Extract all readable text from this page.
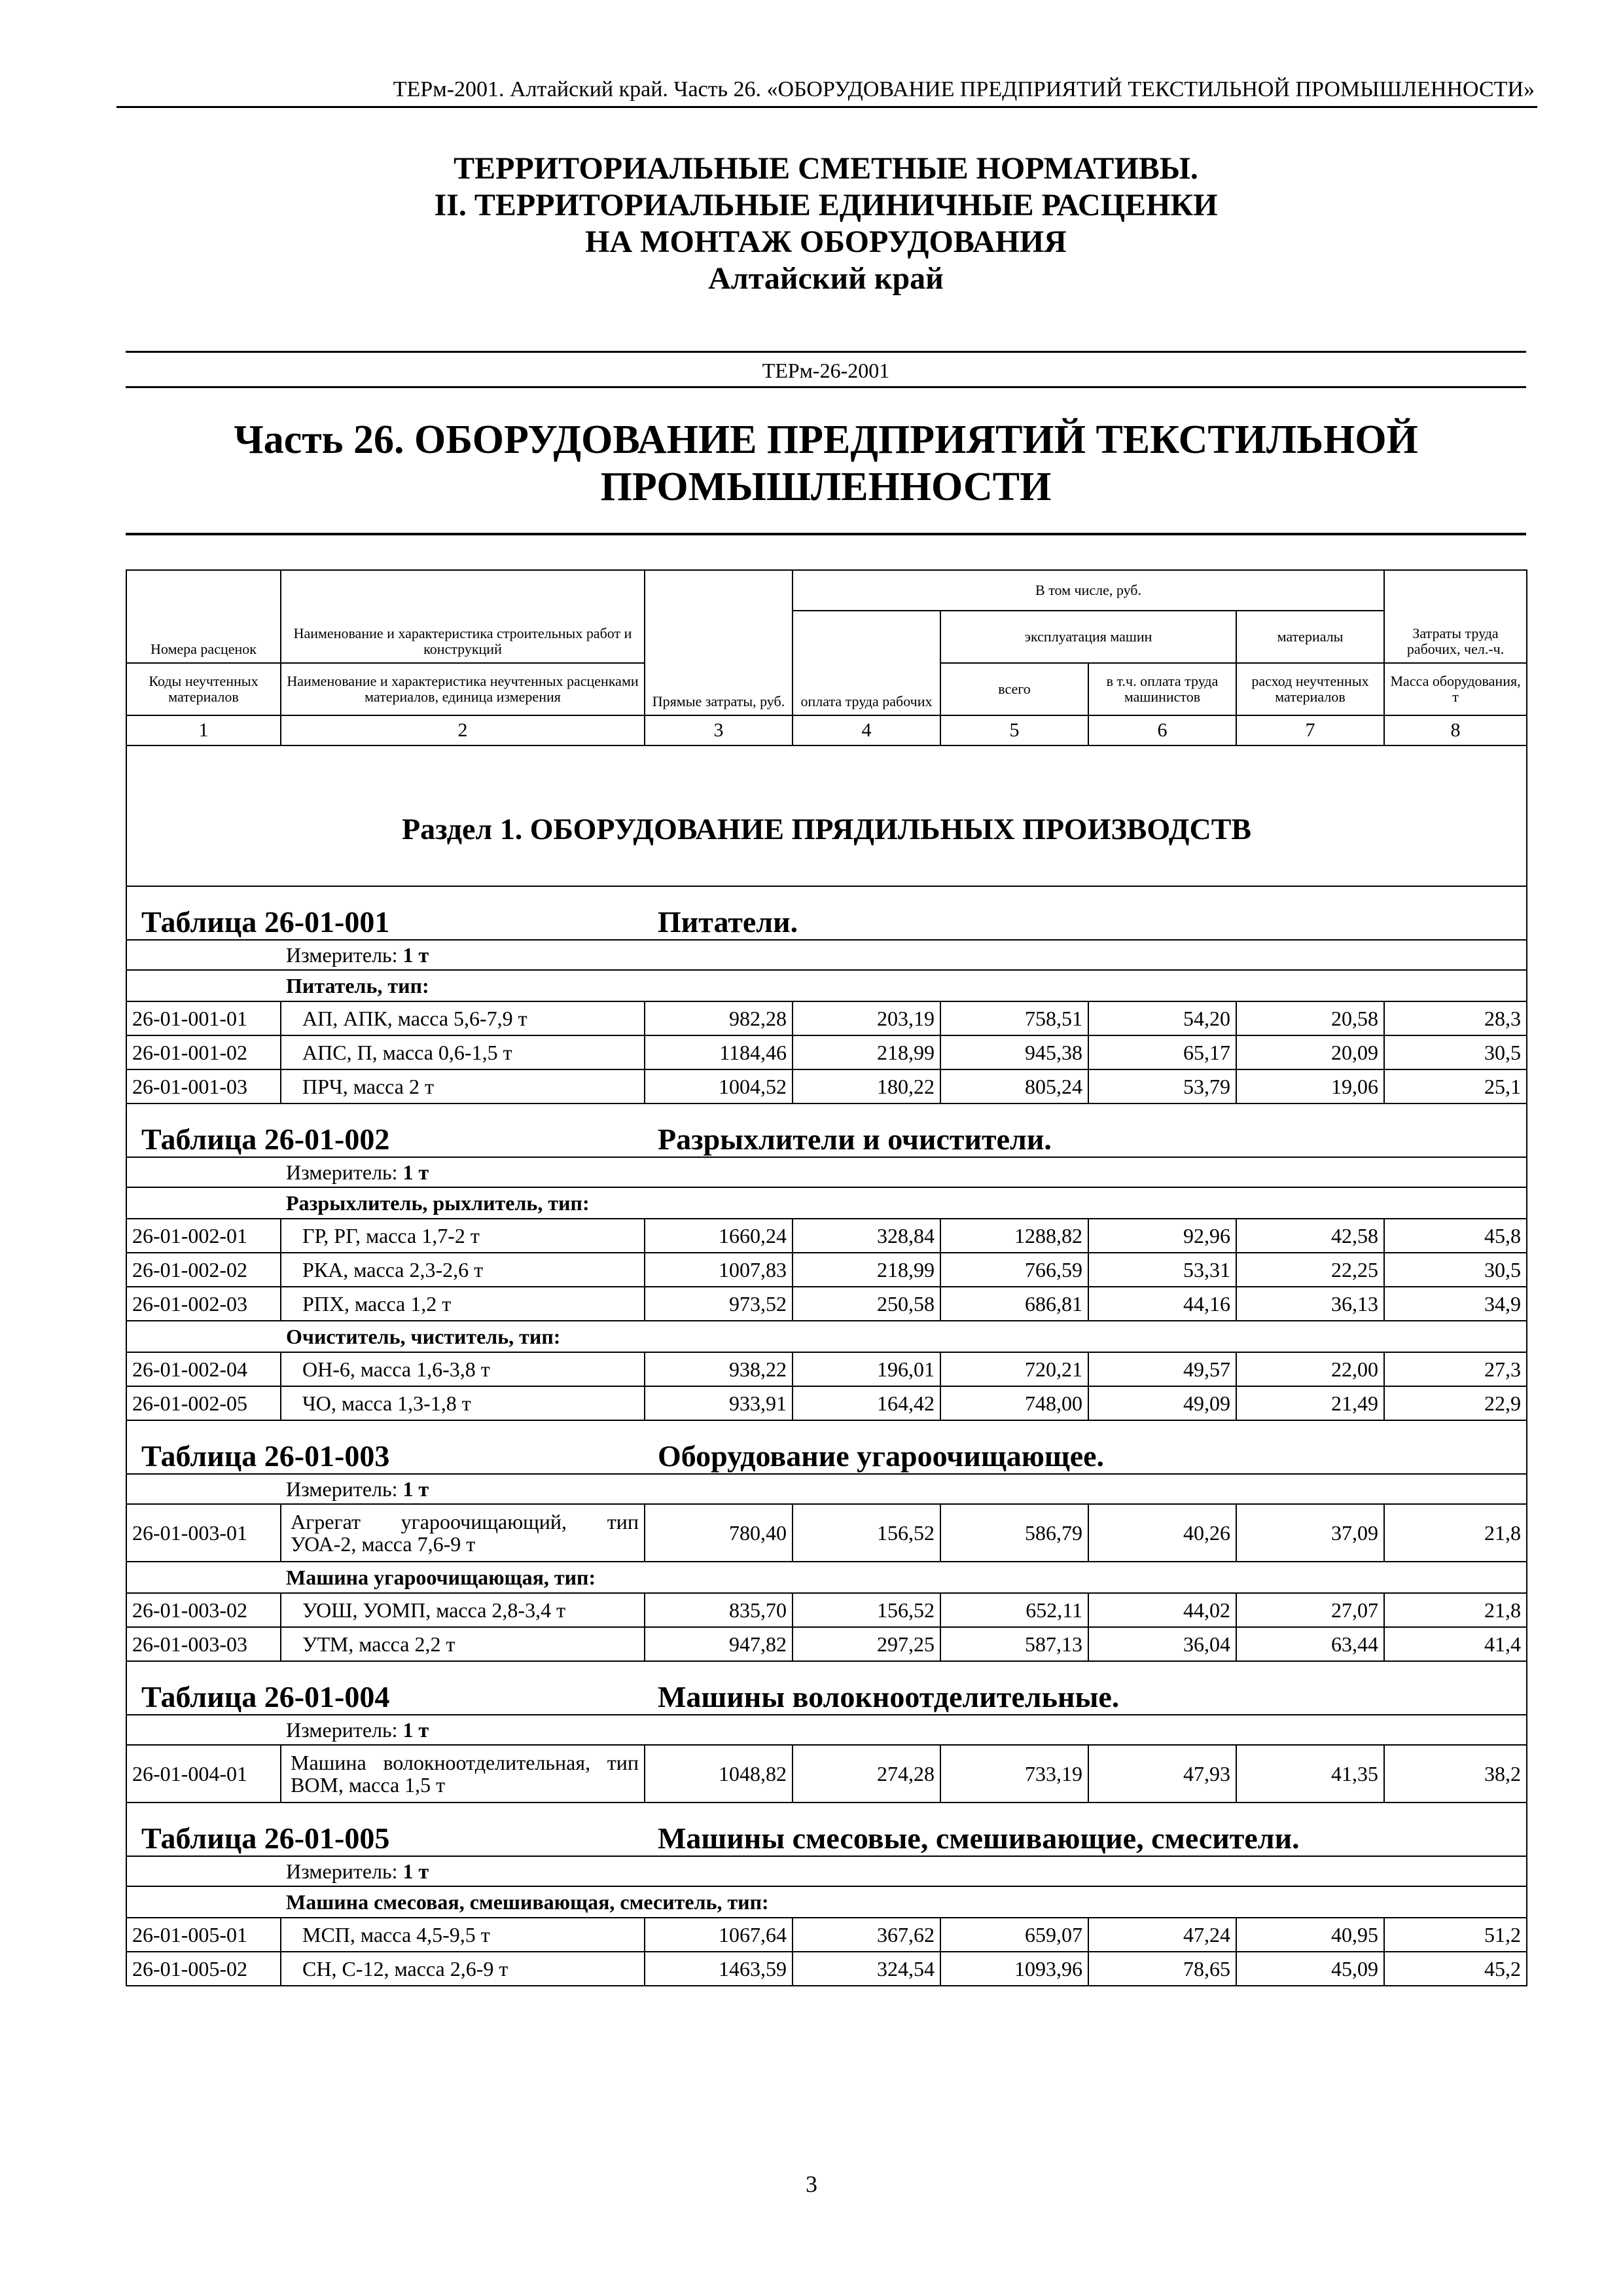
ТЕРм-2001. Алтайский край. Часть 26. «ОБОРУДОВАНИЕ ПРЕДПРИЯТИЙ ТЕКСТИЛЬНОЙ ПРОМЫШЛЕННОСТИ»
ТЕРРИТОРИАЛЬНЫЕ СМЕТНЫЕ НОРМАТИВЫ.
II. ТЕРРИТОРИАЛЬНЫЕ ЕДИНИЧНЫЕ РАСЦЕНКИ
НА МОНТАЖ ОБОРУДОВАНИЯ
Алтайский край
ТЕРм-26-2001
Часть 26. ОБОРУДОВАНИЕ ПРЕДПРИЯТИЙ ТЕКСТИЛЬНОЙ
ПРОМЫШЛЕННОСТИ
Номера расценок	Наименование и характеристика строительных работ и конструкций	Прямые затраты, руб.	В том числе, руб.				Затраты труда рабочих, чел.-ч.
			оплата труда рабочих	эксплуатация машин		материалы	
Коды неучтенных материалов	Наименование и характеристика неучтенных расценками материалов, единица измерения			всего	в т.ч. оплата труда машинистов	расход неучтенных материалов	Масса оборудования, т
1	2	3	4	5	6	7	8
Раздел 1. ОБОРУДОВАНИЕ ПРЯДИЛЬНЫХ ПРОИЗВОДСТВ							
Таблица 26-01-001		Питатели.					
	Измеритель: 1 т						
	Питатель, тип:						
26-01-001-01	АП, АПК, масса 5,6-7,9 т	982,28	203,19	758,51	54,20	20,58	28,3
26-01-001-02	АПС, П, масса 0,6-1,5 т	1184,46	218,99	945,38	65,17	20,09	30,5
26-01-001-03	ПРЧ, масса 2 т	1004,52	180,22	805,24	53,79	19,06	25,1
Таблица 26-01-002		Разрыхлители и очистители.					
	Измеритель: 1 т						
	Разрыхлитель, рыхлитель, тип:						
26-01-002-01	ГР, РГ, масса 1,7-2 т	1660,24	328,84	1288,82	92,96	42,58	45,8
26-01-002-02	РКА, масса 2,3-2,6 т	1007,83	218,99	766,59	53,31	22,25	30,5
26-01-002-03	РПХ, масса 1,2 т	973,52	250,58	686,81	44,16	36,13	34,9
	Очиститель, чиститель, тип:						
26-01-002-04	ОН-6, масса 1,6-3,8 т	938,22	196,01	720,21	49,57	22,00	27,3
26-01-002-05	ЧО, масса 1,3-1,8 т	933,91	164,42	748,00	49,09	21,49	22,9
Таблица 26-01-003		Оборудование угароочищающее.					
	Измеритель: 1 т						
26-01-003-01	Агрегат угароочищающий, тип УОА-2, масса 7,6-9 т	780,40	156,52	586,79	40,26	37,09	21,8
	Машина угароочищающая, тип:						
26-01-003-02	УОШ, УОМП, масса 2,8-3,4 т	835,70	156,52	652,11	44,02	27,07	21,8
26-01-003-03	УТМ, масса 2,2 т	947,82	297,25	587,13	36,04	63,44	41,4
Таблица 26-01-004		Машины волокноотделительные.					
	Измеритель: 1 т						
26-01-004-01	Машина волокноотделительная, тип ВОМ, масса 1,5 т	1048,82	274,28	733,19	47,93	41,35	38,2
Таблица 26-01-005		Машины смесовые, смешивающие, смесители.					
	Измеритель: 1 т						
	Машина смесовая, смешивающая, смеситель, тип:						
26-01-005-01	МСП, масса 4,5-9,5 т	1067,64	367,62	659,07	47,24	40,95	51,2
26-01-005-02	СН, С-12, масса 2,6-9 т	1463,59	324,54	1093,96	78,65	45,09	45,2
3
